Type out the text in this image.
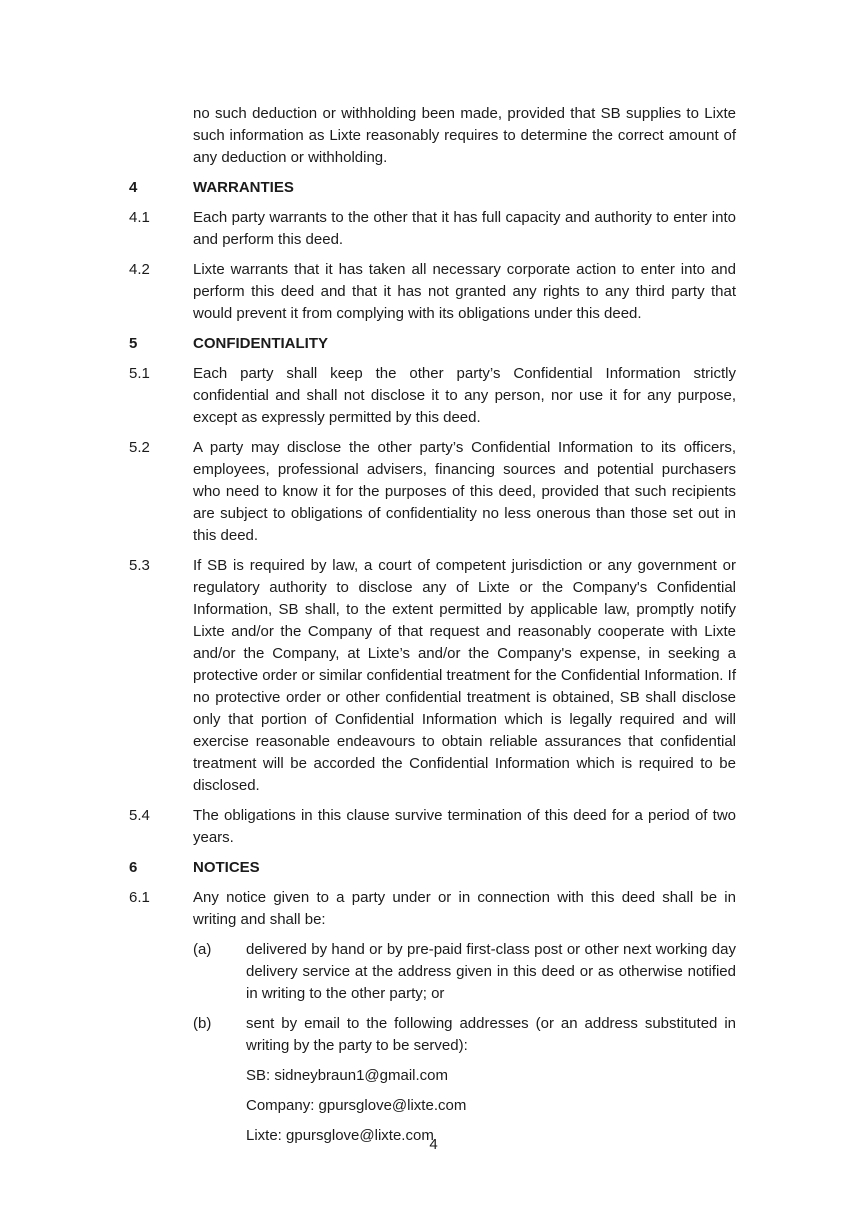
no such deduction or withholding been made, provided that SB supplies to Lixte such information as Lixte reasonably requires to determine the correct amount of any deduction or withholding.
4	WARRANTIES
4.1	Each party warrants to the other that it has full capacity and authority to enter into and perform this deed.
4.2	Lixte warrants that it has taken all necessary corporate action to enter into and perform this deed and that it has not granted any rights to any third party that would prevent it from complying with its obligations under this deed.
5	CONFIDENTIALITY
5.1	Each party shall keep the other party’s Confidential Information strictly confidential and shall not disclose it to any person, nor use it for any purpose, except as expressly permitted by this deed.
5.2	A party may disclose the other party’s Confidential Information to its officers, employees, professional advisers, financing sources and potential purchasers who need to know it for the purposes of this deed, provided that such recipients are subject to obligations of confidentiality no less onerous than those set out in this deed.
5.3	If SB is required by law, a court of competent jurisdiction or any government or regulatory authority to disclose any of Lixte or the Company's Confidential Information, SB shall, to the extent permitted by applicable law, promptly notify Lixte and/or the Company of that request and reasonably cooperate with Lixte and/or the Company, at Lixte’s and/or the Company's expense, in seeking a protective order or similar confidential treatment for the Confidential Information. If no protective order or other confidential treatment is obtained, SB shall disclose only that portion of Confidential Information which is legally required and will exercise reasonable endeavours to obtain reliable assurances that confidential treatment will be accorded the Confidential Information which is required to be disclosed.
5.4	The obligations in this clause survive termination of this deed for a period of two years.
6	NOTICES
6.1	Any notice given to a party under or in connection with this deed shall be in writing and shall be:
(a)	delivered by hand or by pre-paid first-class post or other next working day delivery service at the address given in this deed or as otherwise notified in writing to the other party; or
(b)	sent by email to the following addresses (or an address substituted in writing by the party to be served):
SB: sidneybraun1@gmail.com
Company: gpursglove@lixte.com
Lixte: gpursglove@lixte.com
4
